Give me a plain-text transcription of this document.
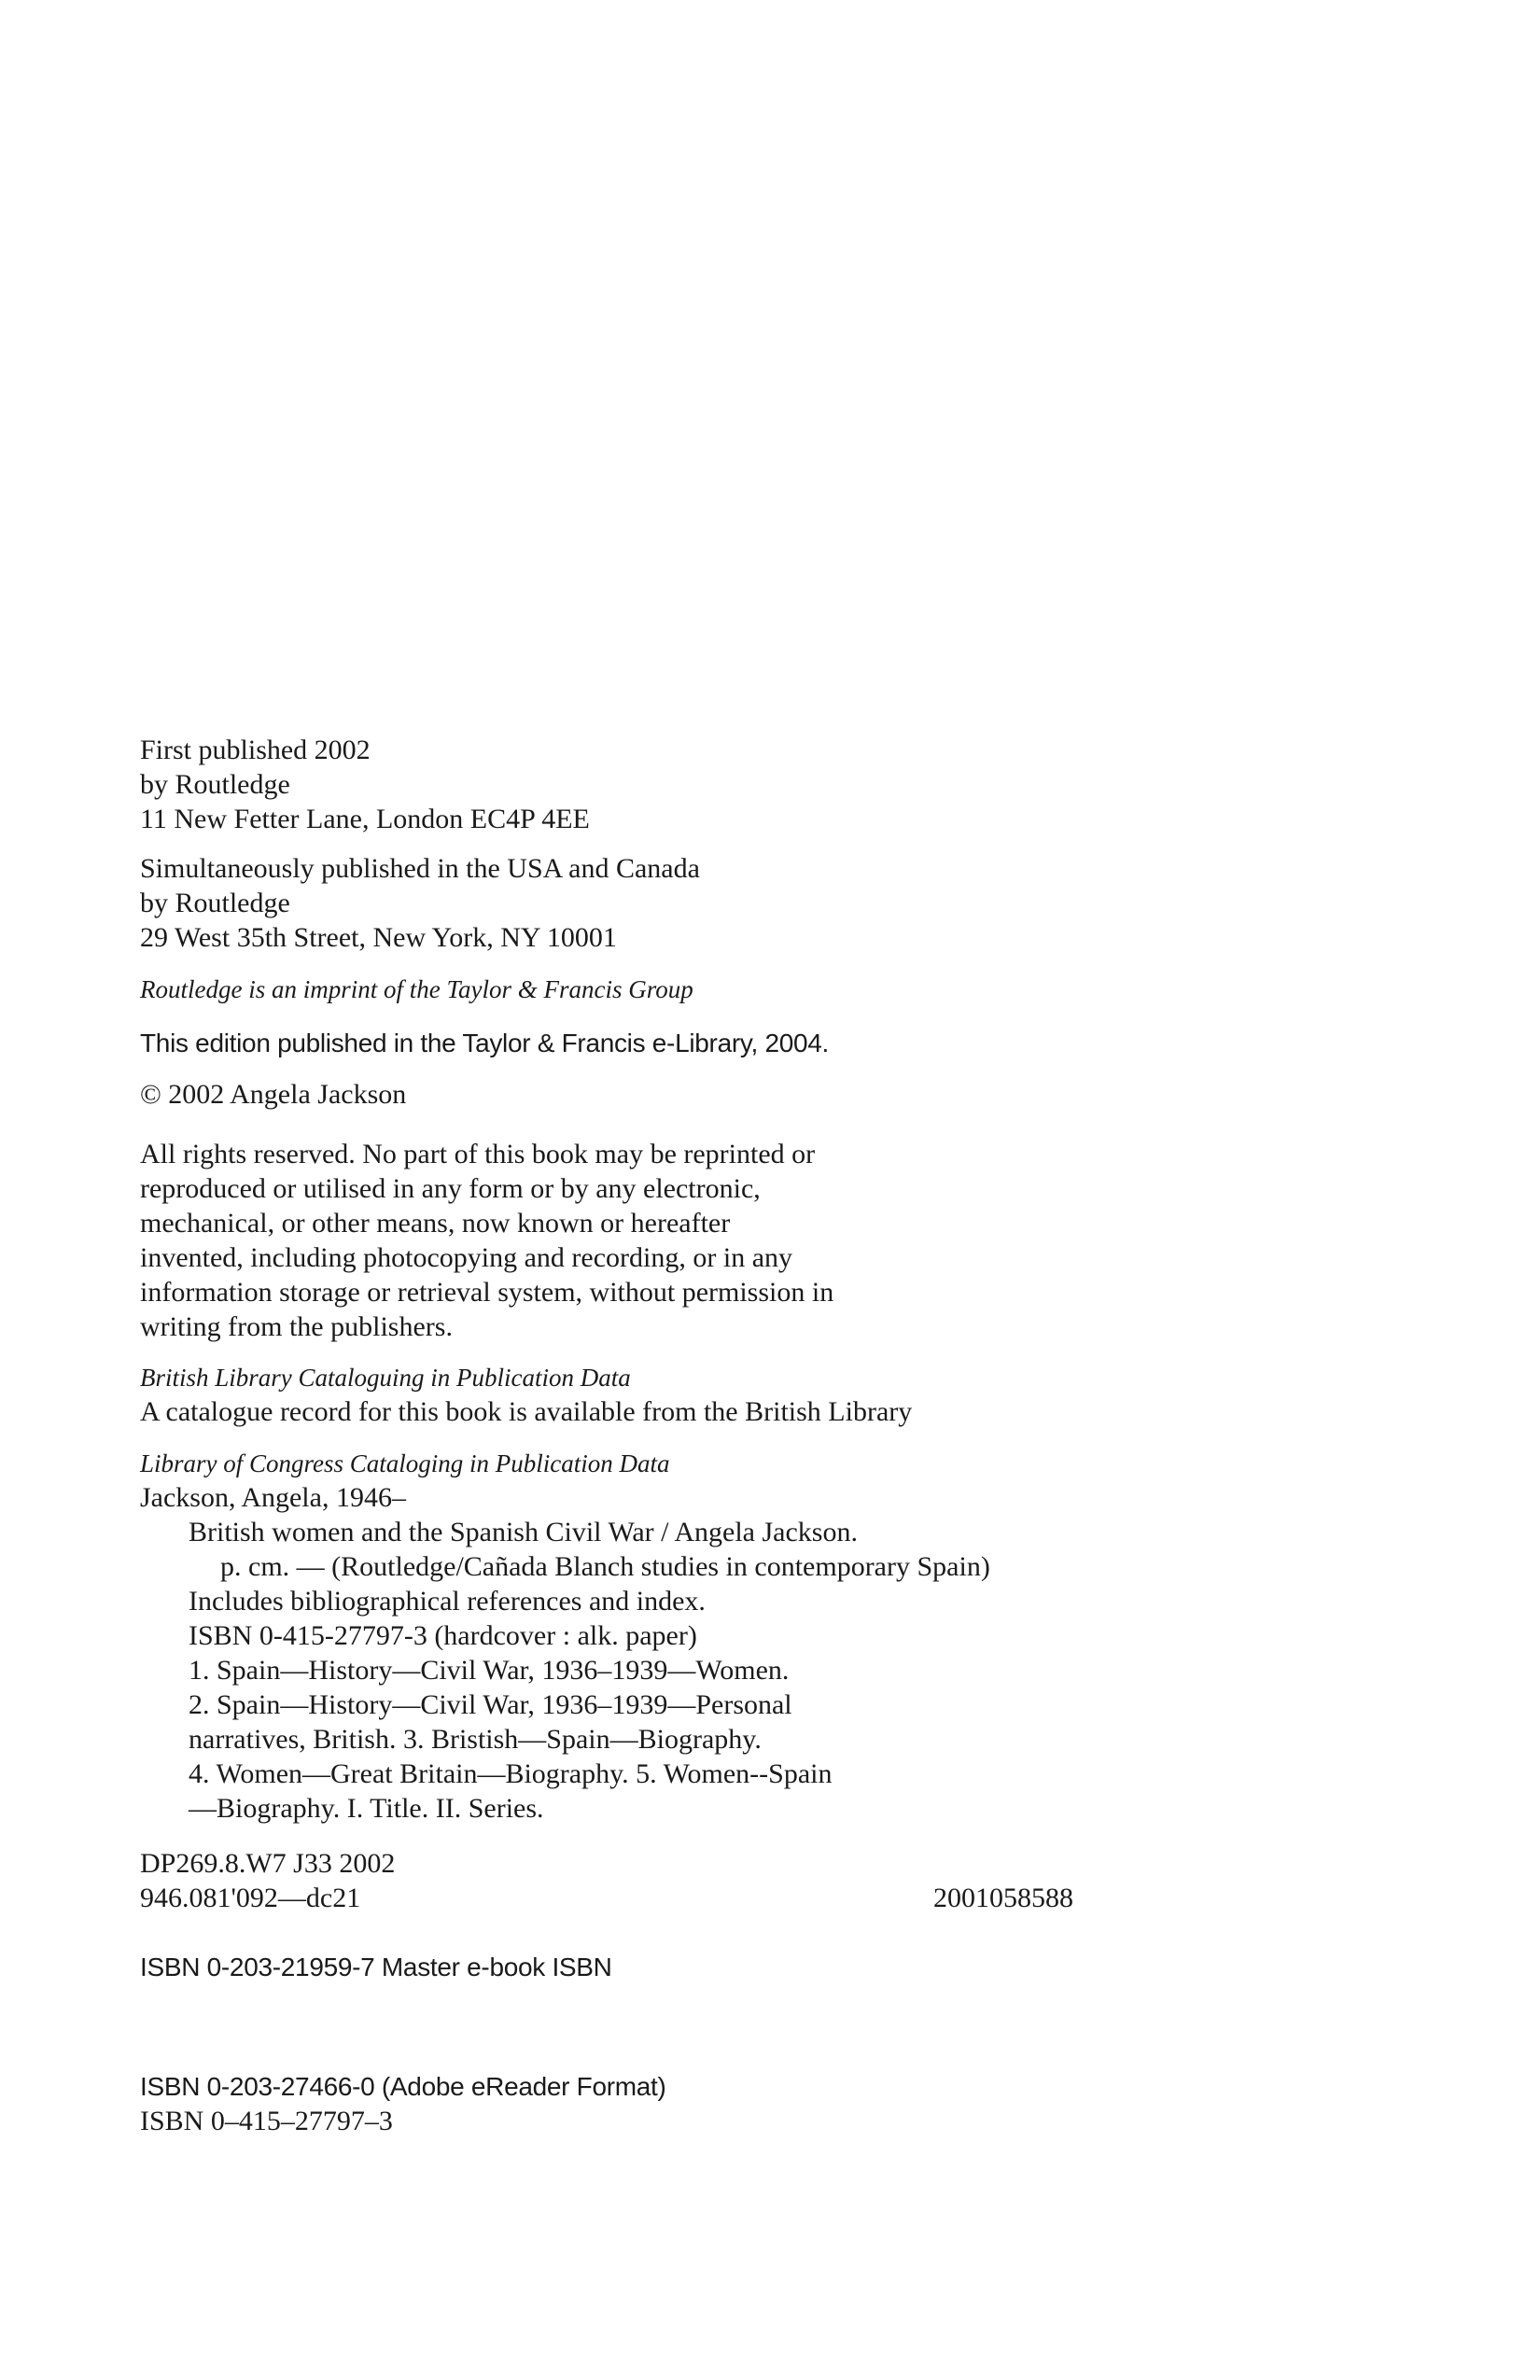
First published 2002
by Routledge
11 New Fetter Lane, London EC4P 4EE
Simultaneously published in the USA and Canada
by Routledge
29 West 35th Street, New York, NY 10001
Routledge is an imprint of the Taylor & Francis Group
This edition published in the Taylor & Francis e-Library, 2004.
© 2002 Angela Jackson
All rights reserved. No part of this book may be reprinted or
reproduced or utilised in any form or by any electronic,
mechanical, or other means, now known or hereafter
invented, including photocopying and recording, or in any
information storage or retrieval system, without permission in
writing from the publishers.
British Library Cataloguing in Publication Data
A catalogue record for this book is available from the British Library
Library of Congress Cataloging in Publication Data
Jackson, Angela, 1946–
British women and the Spanish Civil War / Angela Jackson.
p. cm. — (Routledge/Cañada Blanch studies in contemporary Spain)
Includes bibliographical references and index.
ISBN 0-415-27797-3 (hardcover : alk. paper)
1. Spain—History—Civil War, 1936–1939—Women.
2. Spain—History—Civil War, 1936–1939—Personal
narratives, British. 3. Bristish—Spain—Biography.
4. Women—Great Britain—Biography. 5. Women--Spain
—Biography. I. Title. II. Series.
DP269.8.W7 J33 2002
946.081'092—dc21	2001058588
ISBN 0-203-21959-7 Master e-book ISBN
ISBN 0-203-27466-0 (Adobe eReader Format)
ISBN 0–415–27797–3
